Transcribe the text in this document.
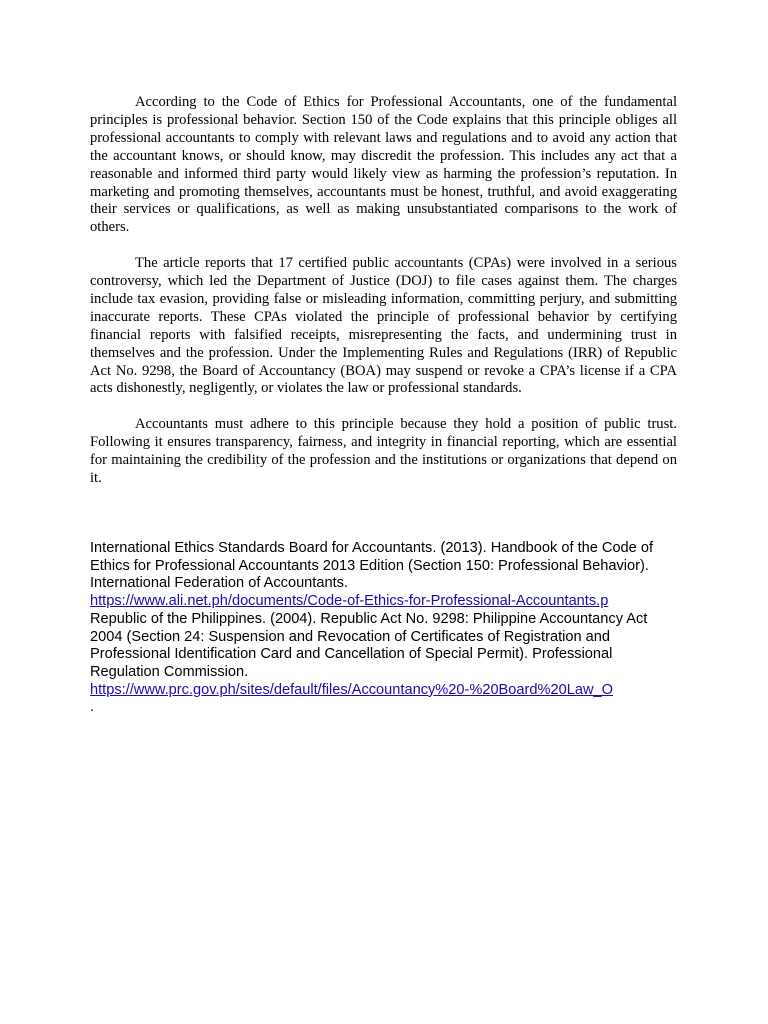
According to the Code of Ethics for Professional Accountants, one of the fundamental principles is professional behavior. Section 150 of the Code explains that this principle obliges all professional accountants to comply with relevant laws and regulations and to avoid any action that the accountant knows, or should know, may discredit the profession. This includes any act that a reasonable and informed third party would likely view as harming the profession’s reputation. In marketing and promoting themselves, accountants must be honest, truthful, and avoid exaggerating their services or qualifications, as well as making unsubstantiated comparisons to the work of others.

The article reports that 17 certified public accountants (CPAs) were involved in a serious controversy, which led the Department of Justice (DOJ) to file cases against them. The charges include tax evasion, providing false or misleading information, committing perjury, and submitting inaccurate reports. These CPAs violated the principle of professional behavior by certifying financial reports with falsified receipts, misrepresenting the facts, and undermining trust in themselves and the profession. Under the Implementing Rules and Regulations (IRR) of Republic Act No. 9298, the Board of Accountancy (BOA) may suspend or revoke a CPA’s license if a CPA acts dishonestly, negligently, or violates the law or professional standards.

Accountants must adhere to this principle because they hold a position of public trust. Following it ensures transparency, fairness, and integrity in financial reporting, which are essential for maintaining the credibility of the profession and the institutions or organizations that depend on it.

International Ethics Standards Board for Accountants. (2013). Handbook of the Code of Ethics for Professional Accountants 2013 Edition (Section 150: Professional Behavior). International Federation of Accountants.
https://www.ali.net.ph/documents/Code-of-Ethics-for-Professional-Accountants.p
Republic of the Philippines. (2004). Republic Act No. 9298: Philippine Accountancy Act 2004 (Section 24: Suspension and Revocation of Certificates of Registration and Professional Identification Card and Cancellation of Special Permit). Professional Regulation Commission.
https://www.prc.gov.ph/sites/default/files/Accountancy%20-%20Board%20Law_O
.
